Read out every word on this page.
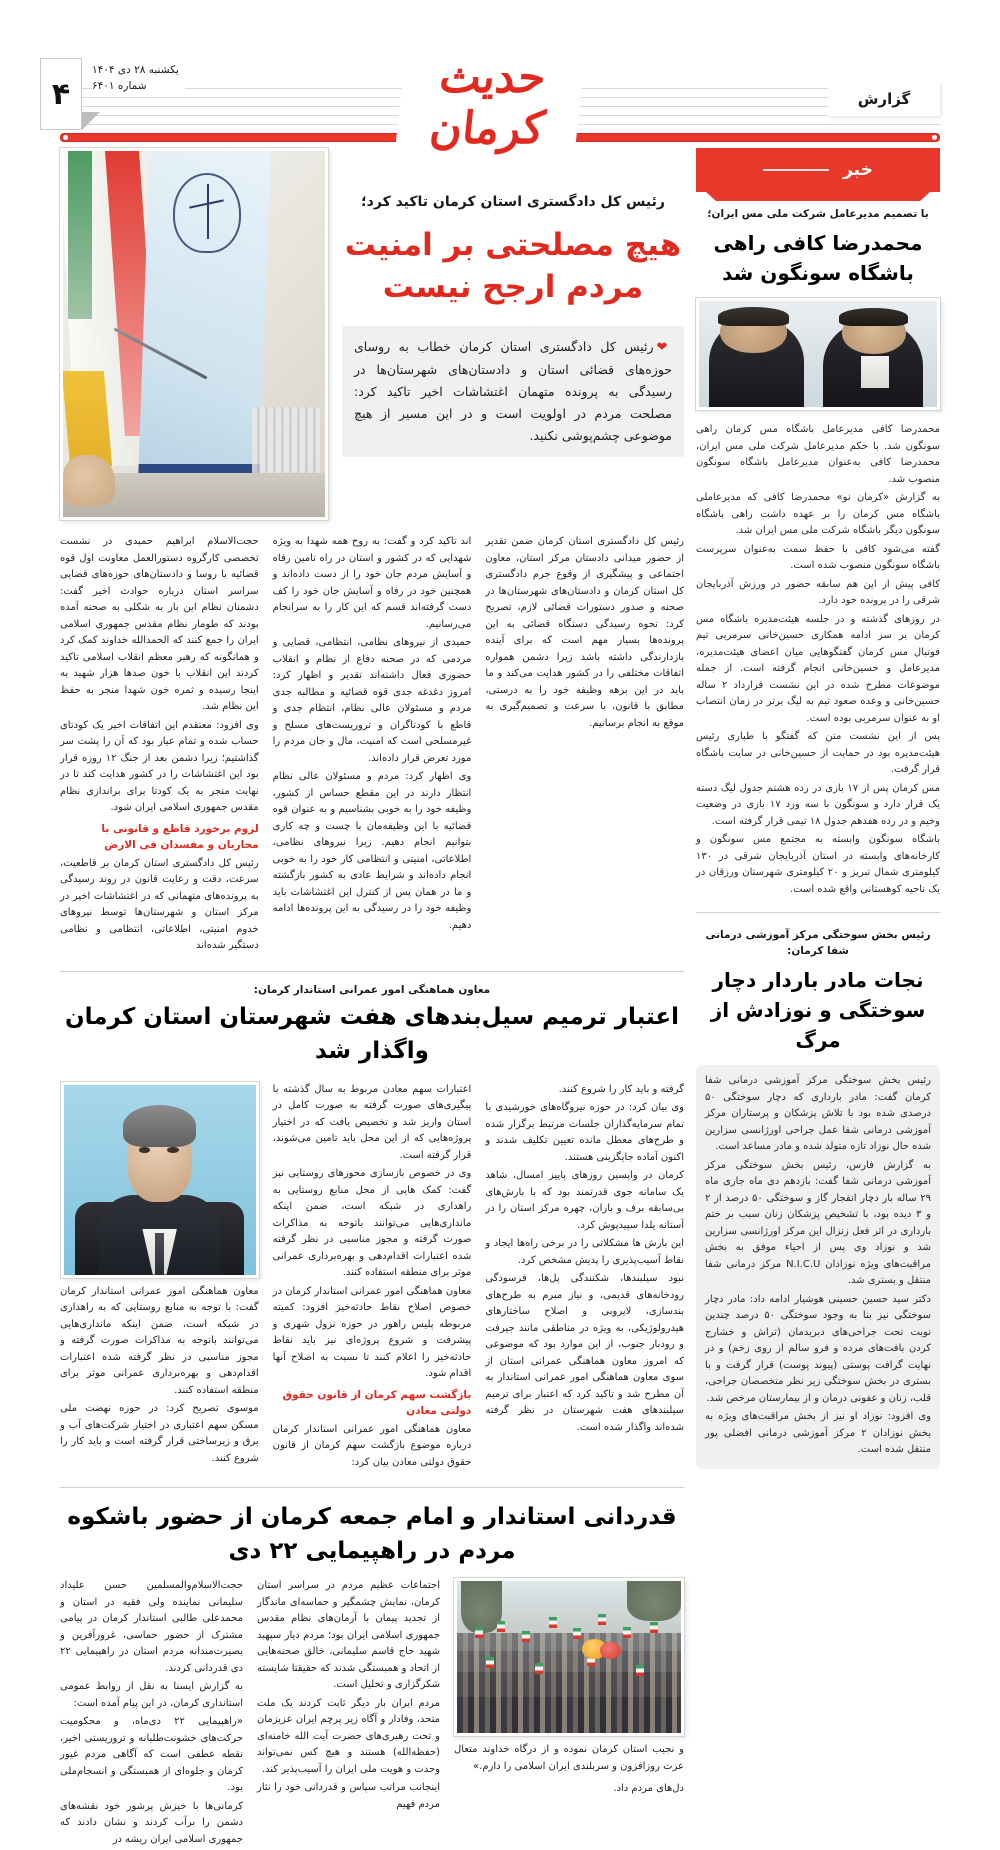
۴
یکشنبه ۲۸ دی ۱۴۰۴
شماره ۶۴۰۱	حدیث کرمان
گزارش
خبر
با تصمیم مدیرعامل شرکت ملی مس ایران؛
محمدرضا کافی راهی باشگاه سونگون شد

محمدرضا کافی مدیرعامل باشگاه مس کرمان راهی سونگون شد. با حکم مدیرعامل شرکت ملی مس ایران، محمدرضا کافی به‌عنوان مدیرعامل باشگاه سونگون منصوب شد.

به گزارش «کرمان نو» محمدرضا کافی که مدیرعاملی باشگاه مس کرمان را بر عهده داشت راهی باشگاه سونگون دیگر باشگاه شرکت ملی مس ایران شد.

گفته می‌شود کافی با حفظ سمت به‌عنوان سرپرست باشگاه سونگون منصوب شده است.

کافی پیش از این هم سابقه حضور در ورزش آذربایجان شرقی را در پرونده خود دارد.

در روزهای گذشته و در جلسه هیئت‌مدیره باشگاه مس کرمان بر سر ادامه همکاری حسین‌خانی سرمربی تیم فوتبال مس کرمان گفتگوهایی میان اعضای هیئت‌مدیره، مدیرعامل و حسین‌خانی انجام گرفته است. از جمله موضوعات مطرح شده در این نشست قرارداد ۲ ساله حسین‌خانی و وعده صعود تیم به لیگ برتر در زمان انتصاب او به عنوان سرمربی بوده است.

پس از این نشست متن که گفتگو با طیاری رئیس هیئت‌مدیره بود در حمایت از حسین‌خانی در سایت باشگاه قرار گرفت.

مس کرمان پس از ۱۷ بازی در رده هشتم جدول لیگ دسته یک قرار دارد و سونگون با سه ورد ۱۷ بازی در وضعیت وخیم و در رده هفدهم جدول ۱۸ تیمی قرار گرفته است.

باشگاه سونگون وابسته به مجتمع مس سونگون و کارخانه‌های وابسته در استان آذربایجان شرقی در ۱۳۰ کیلومتری شمال تبریز و ۲۰ کیلومتری شهرستان ورزقان در یک ناحیه کوهستانی واقع شده است.

رئیس بخش سوختگی مرکز آموزشی درمانی شفا کرمان:
نجات مادر باردار دچار سوختگی و نوزادش از مرگ

رئیس بخش سوختگی مرکز آموزشی درمانی شفا کرمان گفت: مادر بارداری که دچار سوختگی ۵۰ درصدی شده بود با تلاش پزشکان و پرستاران مرکز آموزشی درمانی شفا عمل جراحی اورژانسی سزارین شده حال نوزاد تازه متولد شده و مادر مساعد است.

به گزارش فارس، رئیس بخش سوختگی مرکز آموزشی درمانی شفا گفت: بازدهم دی ماه جاری ماه ۲۹ ساله بار دچار انفجار گاز و سوختگی ۵۰ درصد از ۲ و ۳ دیده بود، با تشخیص پزشکان زنان سبب بر ختم بارداری در اثر فعل زنزال این مرکز اورژانسی سزارین شد و نوزاد وی پس از احیاء موفق به بخش مراقبت‌های ویژه نوزادان N.I.C.U مرکز درمانی شفا منتقل و بستری شد.

دکتر سید حسین حسینی هوشیار ادامه داد: مادر دچار سوختگی نیز بنا به وجود سوختگی ۵۰ درصد چندین نوبت تحت جراحی‌های دبریدمان (تراش و خشارج کردن بافت‌های مرده و فرو سالم از روی زخم) و در نهایت گرافت پوستی (پیوند پوست) قرار گرفت و با بستری در بخش سوختگی زیر نظر متخصصان جراحی، قلب، زنان و عفونی درمان و از بیمارستان مرخص شد.

وی افزود: نوزاد او نیز از بخش مراقبت‌های ویژه به بخش نوزادان ۲ مرکز آموزشی درمانی افضلی پور منتقل شده است.

رئیس کل دادگستری استان کرمان تاکید کرد؛
هیچ مصلحتی بر امنیت مردم ارجح نیست
❤رئیس کل دادگستری استان کرمان خطاب به روسای حوزه‌های قضائی استان و دادستان‌های شهرستان‌ها در رسیدگی به پرونده متهمان اغتشاشات اخیر تاکید کرد: مصلحت مردم در اولویت است و در این مسیر از هیچ موضوعی چشم‌پوشی نکنید.

رئیس کل دادگستری استان کرمان ضمن تقدیر از حضور میدانی دادستان مرکز استان، معاون اجتماعی و پیشگیری از وقوع جرم دادگستری کل استان کرمان و دادستان‌های شهرستان‌ها در صحنه و صدور دستورات قضائی لازم، تصریح کرد: نحوه رسیدگی دستگاه قضائی به این پرونده‌ها بسیار مهم است که برای آینده بازدارندگی داشته باشد زیرا دشمن همواره اتفاقات مختلفی را در کشور هدایت می‌کند و ما باید در این برهه وظیفه خود را به درستی، مطابق با قانون، با سرعت و تصمیم‌گیری به موقع به انجام برسانیم.

اند تاکید کرد و گفت: به روح همه شهدا به ویژه شهدایی که در کشور و استان در راه تامین رفاه و آسایش مردم جان خود را از دست داده‌اند و همچنین خود در رفاه و آسایش جان خود را کف دست گرفته‌اند قسم که این کار را به سرانجام می‌رسانیم.

حمیدی از نیروهای نظامی، انتظامی، قضایی و مردمی که در صحنه دفاع از نظام و انقلاب حضوری فعال داشته‌اند تقدیر و اظهار کرد: امروز دغدغه جدی قوه قضائیه و مطالبه جدی مردم و مسئولان عالی نظام، انتظام جدی و قاطع با کودتاگران و تروریست‌های مسلح و غیرمسلحی است که امنیت، مال و جان مردم را مورد تعرض قرار داده‌اند.

وی اظهار کرد: مردم و مسئولان عالی نظام انتظار دارند در این مقطع حساس از کشور، وظیفه خود را به خوبی بشناسیم و به عنوان قوه قضائیه با این وظیفه‌مان با چست و چه کاری بتوانیم انجام دهیم. زیرا نیروهای نظامی، اطلاعاتی، امنیتی و انتظامی کار خود را به خوبی انجام داده‌اند و شرایط عادی به کشور بازگشته و ما در همان پس از کنترل این اغتشاشات باید وظیفه خود را در رسیدگی به این پرونده‌ها ادامه دهیم.

حجت‌الاسلام ابراهیم حمیدی در نشست تخصصی کارگروه دستورالعمل معاونت اول قوه قضائیه با روسا و دادستان‌های حوزه‌های قضایی سراسر استان درباره حوادث اخیر گفت: دشمنان نظام این بار به شکلی به صحنه آمده بودند که طومار نظام مقدس جمهوری اسلامی ایران را جمع کنند که الحمدالله خداوند کمک کرد و همانگونه که رهبر معظم انقلاب اسلامی تاکید کردند این انقلاب با خون صدها هزار شهید به اینجا رسیده و ثمره خون شهدا منجر به حفظ این نظام شد.

وی افزود: معتقدم این اتفاقات اخیر یک کودتای حساب شده و تمام عیار بود که آن را پشت سر گذاشتیم؛ زیرا دشمن بعد از جنگ ۱۲ روزه قرار بود این اغتشاشات را در کشور هدایت کند تا در نهایت منجر به یک کودتا برای براندازی نظام مقدس جمهوری اسلامی ایران شود.

لزوم برخورد قاطع و قانونی با محاربان و مفسدان فی الارض

رئیس کل دادگستری استان کرمان بر قاطعیت، سرعت، دقت و رعایت قانون در روند رسیدگی به پرونده‌های متهمانی که در اغتشاشات اخیر در مرکز استان و شهرستان‌ها توسط نیروهای خدوم امنیتی، اطلاعاتی، انتظامی و نظامی دستگیر شده‌اند

معاون هماهنگی امور عمرانی استاندار کرمان:
اعتبار ترمیم سیل‌بندهای هفت شهرستان استان کرمان واگذار شد

گرفته و باید کار را شروع کنند.

وی بیان کرد: در حوزه نیروگاه‌های خورشیدی با تمام سرمایه‌گذاران جلسات مرتبط برگزار شده و طرح‌های معطل مانده تعیین تکلیف شدند و اکنون آماده جایگزینی هستند.

کرمان در واپسین روزهای پاییز امسال، شاهد یک سامانه جوی قدرتمند بود که با بارش‌های بی‌سابقه برف و باران، چهره مرکز استان را در آستانه یلدا سپیدپوش کرد.

این بارش ها مشکلاتی را در برخی راه‌ها ایجاد و نقاط آسیب‌پذیری را پدیش مشخص کرد.

نبود سیلبندها، شکنندگی پل‌ها، فرسودگی رودخانه‌های قدیمی، و نیاز مبرم به طرح‌های بندسازی، لایروبی و اصلاح ساختارهای هیدرولوژیکی، به ویژه در مناطقی مانند جیرفت و رودبار جنوب، از این موارد بود که موضوعی که امروز معاون هماهنگی عمرانی استان از سوی معاون هماهنگی امور عمرانی استاندار به آن مطرح شد و تاکید کرد که اعتبار برای ترمیم سیلبندهای هفت شهرستان در نظر گرفته شده‌اند واگذار شده است.

اعتبارات سهم معادن مربوط به سال گذشته با پیگیری‌های صورت گرفته به صورت کامل در استان واریز شد و تخصیص یافت که در اختیار پروژه‌هایی که از این محل باید تامین می‌شوند، قرار گرفته است.

وی در خصوص بازسازی محورهای روستایی نیز گفت: کمک هایی از محل منابع روستایی به راهداری در شبکه است، ضمن اینکه مانداری‌هایی می‌توانند باتوجه به مذاکرات صورت گرفته و مجوز مناسبی در نظر گرفته شده اعتبارات اقدام‌دهی و بهره‌برداری عمرانی موثر برای منطقه استفاده کنند.

معاون هماهنگی امور عمرانی استاندار کرمان در خصوص اصلاح نقاط حادثه‌خیز افزود: کمیته مربوطه پلیس راهور در حوزه نزول شهری و پیشرفت و شروع پروژه‌ای نیز باید نقاط حادثه‌خیز را اعلام کنند تا نسبت به اصلاح آنها اقدام شود.

بازگشت سهم کرمان از قانون حقوق دولتی معادن

معاون هماهنگی امور عمرانی استاندار کرمان درباره موضوع بازگشت سهم کرمان از قانون حقوق دولتی معادن بیان کرد:

معاون هماهنگی امور عمرانی استاندار کرمان گفت: با توجه به منابع روستایی که به راهداری در شبکه است، ضمن اینکه مانداری‌هایی می‌توانند باتوجه به مذاکرات صورت گرفته و مجوز مناسبی در نظر گرفته شده اعتبارات اقدام‌دهی و بهره‌برداری عمرانی موثر برای منطقه استفاده کنند.

موسوی تصریح کرد: در حوزه نهضت ملی مسکن سهم اعتباری در اختیار شرکت‌های آب و برق و زیرساختی قرار گرفته است و باید کار را شروع کنند.

قدردانی استاندار و امام جمعه کرمان از حضور باشکوه مردم در راهپیمایی ۲۲ دی

و نجیب استان کرمان نموده و از درگاه خداوند متعال عزت روزافزون و سربلندی ایران اسلامی را دارم.»

دل‌های مردم داد.

اجتماعات عظیم مردم در سراسر استان کرمان، نمایش چشمگیر و حماسه‌ای ماندگار از تجدید پیمان با آرمان‌های نظام مقدس جمهوری اسلامی ایران بود؛ مردم دیار سپهبد شهید حاج قاسم سلیمانی، خالق صحنه‌هایی از اتحاد و همبستگی شدند که حقیقتا شایسته شکرگزاری و تحلیل است.

مردم ایران بار دیگر ثابت کردند یک ملت متحد، وفادار و آگاه زیر پرچم ایران عزیزمان و تحت رهبری‌های حضرت آیت الله خامنه‌ای (حفظه‌الله) هستند و هیچ کس نمی‌تواند وحدت و هویت ملی ایران را آسیب‌پذیر کند.

اینجانب مراتب سپاس و قدردانی خود را نثار مردم فهیم

حجت‌الاسلام‌والمسلمین حسن علیداد سلیمانی نماینده ولی فقیه در استان و محمدعلی طالبی استاندار کرمان در پیامی مشترک از حضور حماسی، غرورآفرین و بصیرت‌مندانه مردم استان در راهپیمایی ۲۲ دی قدردانی کردند.

به گزارش ایسنا به نقل از روابط عمومی استانداری کرمان، در این پیام آمده است:

«راهپیمایی ۲۲ دی‌ماه، و محکومیت حرکت‌های خشونت‌طلبانه و تروریستی اخیر، نقطه عطفی است که آگاهی مردم غیور کرمان و جلوه‌ای از همبستگی و انسجام‌ملی بود.

کرمانی‌ها با خیزش پرشور خود نقشه‌های دشمن را برآب کردند و نشان دادند که جمهوری اسلامی ایران ریشه در
